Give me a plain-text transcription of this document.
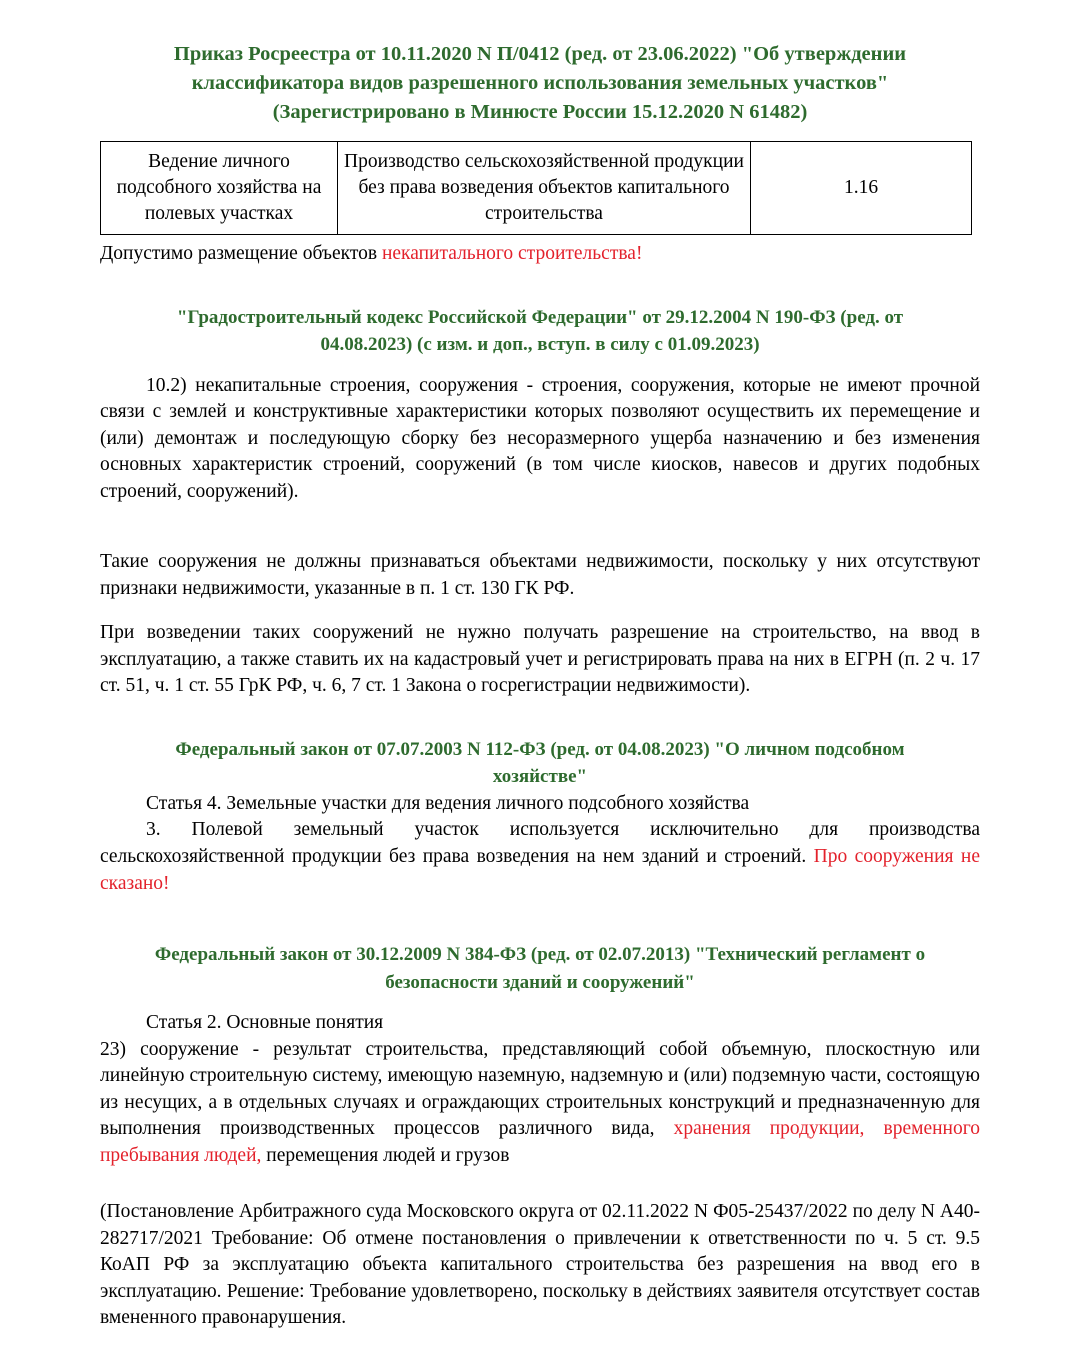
Приказ Росреестра от 10.11.2020 N П/0412 (ред. от 23.06.2022) "Об утверждении
классификатора видов разрешенного использования земельных участков"
(Зарегистрировано в Минюсте России 15.12.2020 N 61482)
Ведение личного подсобного хозяйства на полевых участках	Производство сельскохозяйственной продукции без права возведения объектов капитального строительства	1.16

Допустимо размещение объектов некапитального строительства!

"Градостроительный кодекс Российской Федерации" от 29.12.2004 N 190-ФЗ (ред. от
04.08.2023) (с изм. и доп., вступ. в силу с 01.09.2023)

10.2) некапитальные строения, сооружения - строения, сооружения, которые не имеют прочной связи с землей и конструктивные характеристики которых позволяют осуществить их перемещение и (или) демонтаж и последующую сборку без несоразмерного ущерба назначению и без изменения основных характеристик строений, сооружений (в том числе киосков, навесов и других подобных строений, сооружений).

Такие сооружения не должны признаваться объектами недвижимости, поскольку у них отсутствуют признаки недвижимости, указанные в п. 1 ст. 130 ГК РФ.

При возведении таких сооружений не нужно получать разрешение на строительство, на ввод в эксплуатацию, а также ставить их на кадастровый учет и регистрировать права на них в ЕГРН (п. 2 ч. 17 ст. 51, ч. 1 ст. 55 ГрК РФ, ч. 6, 7 ст. 1 Закона о госрегистрации недвижимости).

Федеральный закон от 07.07.2003 N 112-ФЗ (ред. от 04.08.2023) "О личном подсобном
хозяйстве"

Статья 4. Земельные участки для ведения личного подсобного хозяйства

3. Полевой земельный участок используется исключительно для производства сельскохозяйственной продукции без права возведения на нем зданий и строений. Про сооружения не сказано!

Федеральный закон от 30.12.2009 N 384-ФЗ (ред. от 02.07.2013) "Технический регламент о
безопасности зданий и сооружений"

Статья 2. Основные понятия

23) сооружение - результат строительства, представляющий собой объемную, плоскостную или линейную строительную систему, имеющую наземную, надземную и (или) подземную части, состоящую из несущих, а в отдельных случаях и ограждающих строительных конструкций и предназначенную для выполнения производственных процессов различного вида, хранения продукции, временного пребывания людей, перемещения людей и грузов

(Постановление Арбитражного суда Московского округа от 02.11.2022 N Ф05-25437/2022 по делу N А40-282717/2021 Требование: Об отмене постановления о привлечении к ответственности по ч. 5 ст. 9.5 КоАП РФ за эксплуатацию объекта капитального строительства без разрешения на ввод его в эксплуатацию. Решение: Требование удовлетворено, поскольку в действиях заявителя отсутствует состав вмененного правонарушения.
